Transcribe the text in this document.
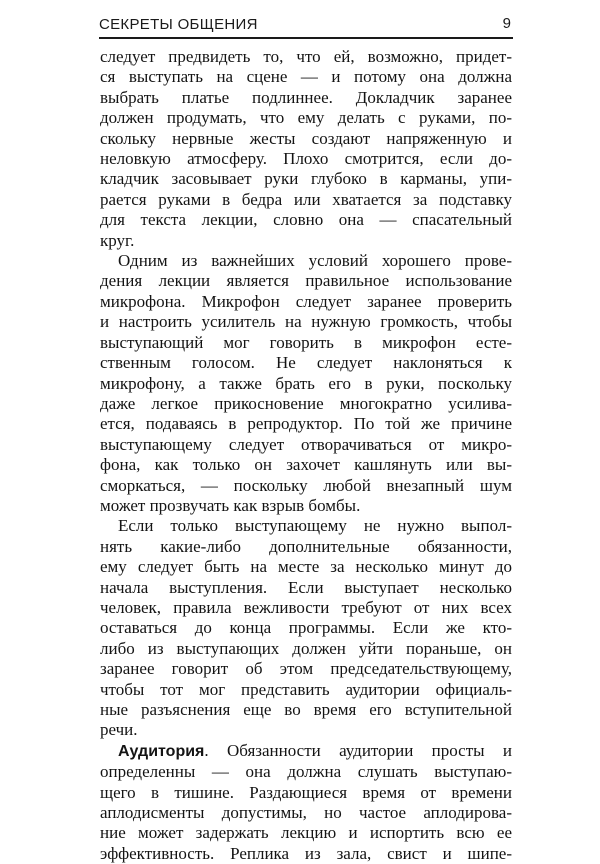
СЕКРЕТЫ ОБЩЕНИЯ	9

следует предвидеть то, что ей, возможно, придет-
ся выступать на сцене — и потому она должна
выбрать платье подлиннее. Докладчик заранее
должен продумать, что ему делать с руками, по-
скольку нервные жесты создают напряженную и
неловкую атмосферу. Плохо смотрится, если до-
кладчик засовывает руки глубоко в карманы, упи-
рается руками в бедра или хватается за подставку
для текста лекции, словно она — спасательный
круг.

Одним из важнейших условий хорошего прове-
дения лекции является правильное использование
микрофона. Микрофон следует заранее проверить
и настроить усилитель на нужную громкость, чтобы
выступающий мог говорить в микрофон есте-
ственным голосом. Не следует наклоняться к
микрофону, а также брать его в руки, поскольку
даже легкое прикосновение многократно усилива-
ется, подаваясь в репродуктор. По той же причине
выступающему следует отворачиваться от микро-
фона, как только он захочет кашлянуть или вы-
сморкаться, — поскольку любой внезапный шум
может прозвучать как взрыв бомбы.

Если только выступающему не нужно выпол-
нять какие-либо дополнительные обязанности,
ему следует быть на месте за несколько минут до
начала выступления. Если выступает несколько
человек, правила вежливости требуют от них всех
оставаться до конца программы. Если же кто-
либо из выступающих должен уйти пораньше, он
заранее говорит об этом председательствующему,
чтобы тот мог представить аудитории официаль-
ные разъяснения еще во время его вступительной
речи.

Аудитория. Обязанности аудитории просты и
определенны — она должна слушать выступаю-
щего в тишине. Раздающиеся время от времени
аплодисменты допустимы, но частое аплодирова-
ние может задержать лекцию и испортить всю ее
эффективность. Реплика из зала, свист и шипе-
